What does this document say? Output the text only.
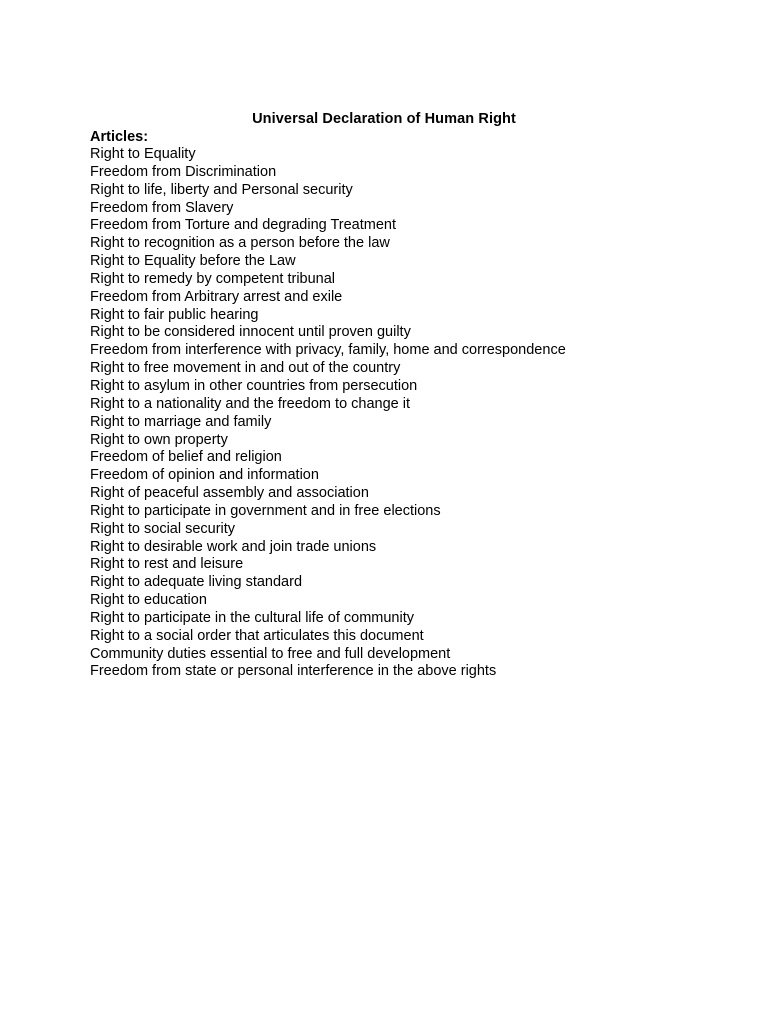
Universal Declaration of Human Right
Articles:
Right to Equality
Freedom from Discrimination
Right to life, liberty and Personal security
Freedom from Slavery
Freedom from Torture and degrading Treatment
Right to recognition as a person before the law
Right to Equality before the Law
Right to remedy by competent tribunal
Freedom from Arbitrary arrest and exile
Right to fair public hearing
Right to be considered innocent until proven guilty
Freedom from interference with privacy, family, home and correspondence
Right to free movement in and out of the country
Right to asylum in other countries from persecution
Right to a nationality and the freedom to change it
Right to marriage and family
Right to own property
Freedom of belief and religion
Freedom of opinion and information
Right of peaceful assembly and association
Right to participate in government and in free elections
Right to social security
Right to desirable work and join trade unions
Right to rest and leisure
Right to adequate living standard
Right to education
Right to participate in the cultural life of community
Right to a social order that articulates this document
Community duties essential to free and full development
Freedom from state or personal interference in the above rights
